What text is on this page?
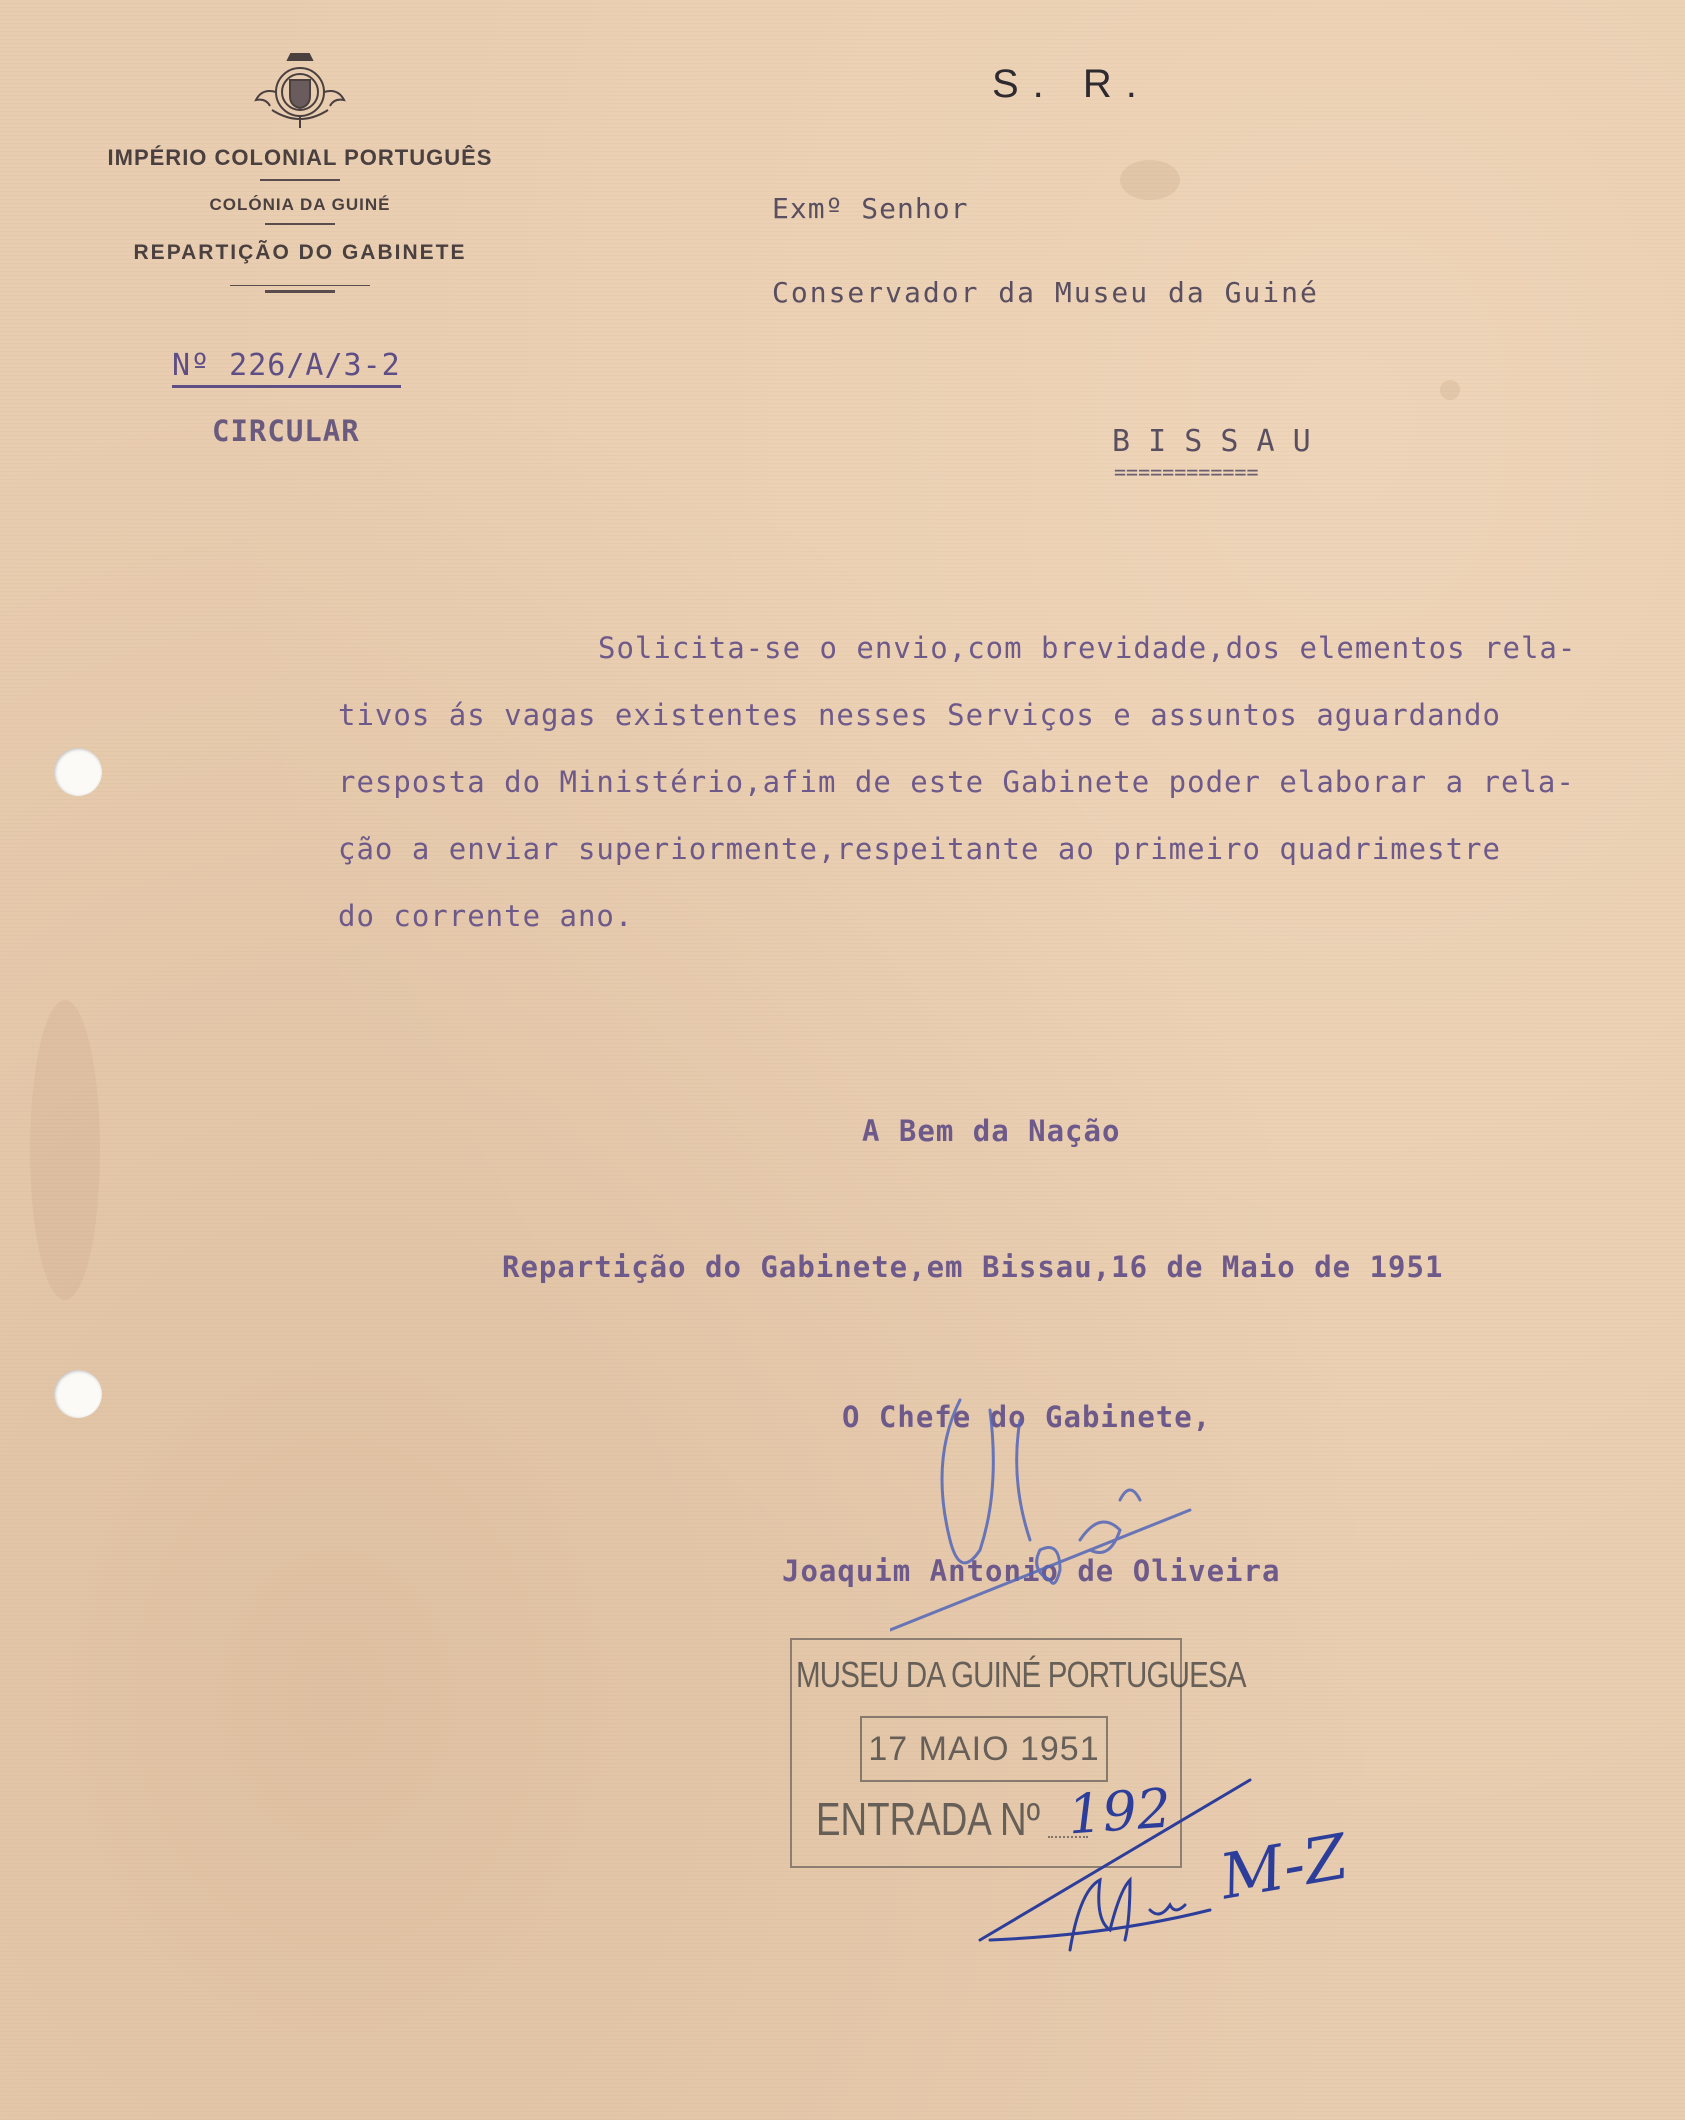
IMPÉRIO COLONIAL PORTUGUÊS
COLÓNIA DA GUINÉ
REPARTIÇÃO DO GABINETE
S. R.
Nº 226/A/3-2
CIRCULAR
Exmº Senhor
Conservador da Museu da Guiné
B I S S A U
============
Solicita-se o envio,com brevidade,dos elementos rela-
tivos ás vagas existentes nesses Serviços e assuntos aguardando
resposta do Ministério,afim de este Gabinete poder elaborar a rela-
ção a enviar superiormente,respeitante ao primeiro quadrimestre
do corrente ano.
A Bem da Nação
Repartição do Gabinete,em Bissau,16 de Maio de 1951
O Chefe do Gabinete,
Joaquim Antonio de Oliveira
MUSEU DA GUINÉ PORTUGUESA
17 MAIO 1951
ENTRADA Nº 192
M-Z
